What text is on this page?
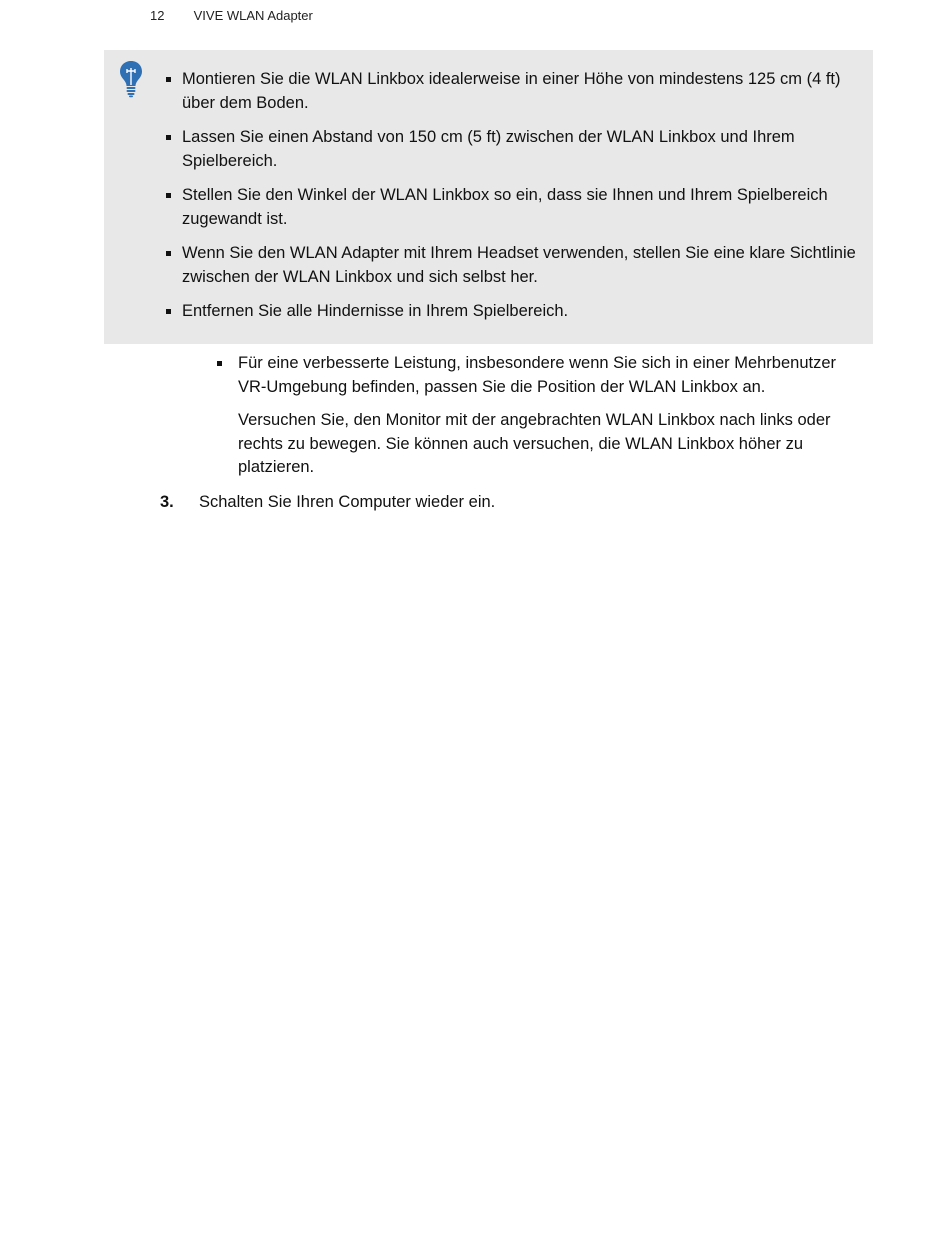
12 VIVE WLAN Adapter
Montieren Sie die WLAN Linkbox idealerweise in einer Höhe von mindestens 125 cm (4 ft) über dem Boden.
Lassen Sie einen Abstand von 150 cm (5 ft) zwischen der WLAN Linkbox und Ihrem Spielbereich.
Stellen Sie den Winkel der WLAN Linkbox so ein, dass sie Ihnen und Ihrem Spielbereich zugewandt ist.
Wenn Sie den WLAN Adapter mit Ihrem Headset verwenden, stellen Sie eine klare Sichtlinie zwischen der WLAN Linkbox und sich selbst her.
Entfernen Sie alle Hindernisse in Ihrem Spielbereich.

Für eine verbesserte Leistung, insbesondere wenn Sie sich in einer Mehrbenutzer VR-Umgebung befinden, passen Sie die Position der WLAN Linkbox an.

Versuchen Sie, den Monitor mit der angebrachten WLAN Linkbox nach links oder rechts zu bewegen. Sie können auch versuchen, die WLAN Linkbox höher zu platzieren.

3. Schalten Sie Ihren Computer wieder ein.
